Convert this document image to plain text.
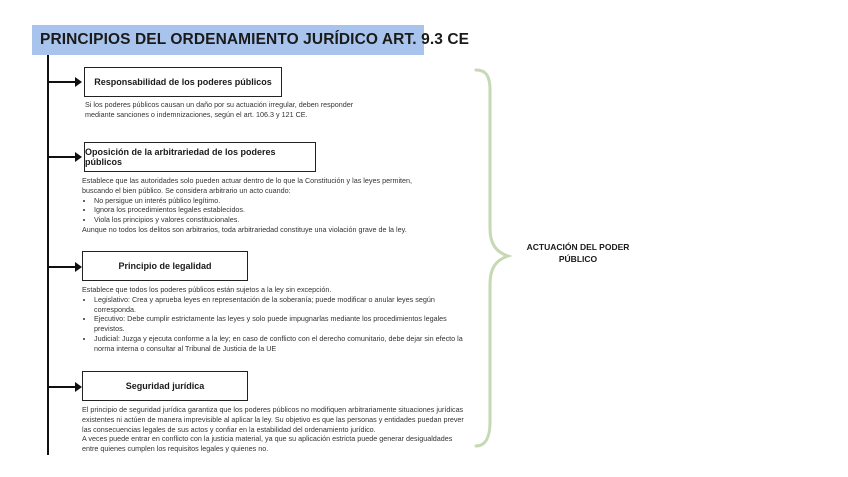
PRINCIPIOS DEL ORDENAMIENTO JURÍDICO ART. 9.3 CE
Responsabilidad de los poderes públicos

Si los poderes públicos causan un daño por su actuación irregular, deben responder mediante sanciones o indemnizaciones, según el art. 106.3 y 121 CE.

Oposición de la arbitrariedad de los poderes públicos

Establece que las autoridades solo pueden actuar dentro de lo que la Constitución y las leyes permiten, buscando el bien público. Se considera arbitrario un acto cuando:

• No persigue un interés público legítimo.
• Ignora los procedimientos legales establecidos.
• Viola los principios y valores constitucionales.

Aunque no todos los delitos son arbitrarios, toda arbitrariedad constituye una violación grave de la ley.

Principio de legalidad

Establece que todos los poderes públicos están sujetos a la ley sin excepción.

• Legislativo: Crea y aprueba leyes en representación de la soberanía; puede modificar o anular leyes según corresponda.
• Ejecutivo: Debe cumplir estrictamente las leyes y solo puede impugnarlas mediante los procedimientos legales previstos.
• Judicial: Juzga y ejecuta conforme a la ley; en caso de conflicto con el derecho comunitario, debe dejar sin efecto la norma interna o consultar al Tribunal de Justicia de la UE
Seguridad jurídica

El principio de seguridad jurídica garantiza que los poderes públicos no modifiquen arbitrariamente situaciones jurídicas existentes ni actúen de manera imprevisible al aplicar la ley. Su objetivo es que las personas y entidades puedan prever las consecuencias legales de sus actos y confiar en la estabilidad del ordenamiento jurídico.

A veces puede entrar en conflicto con la justicia material, ya que su aplicación estricta puede generar desigualdades entre quienes cumplen los requisitos legales y quienes no.

ACTUACIÓN DEL PODER PÚBLICO
